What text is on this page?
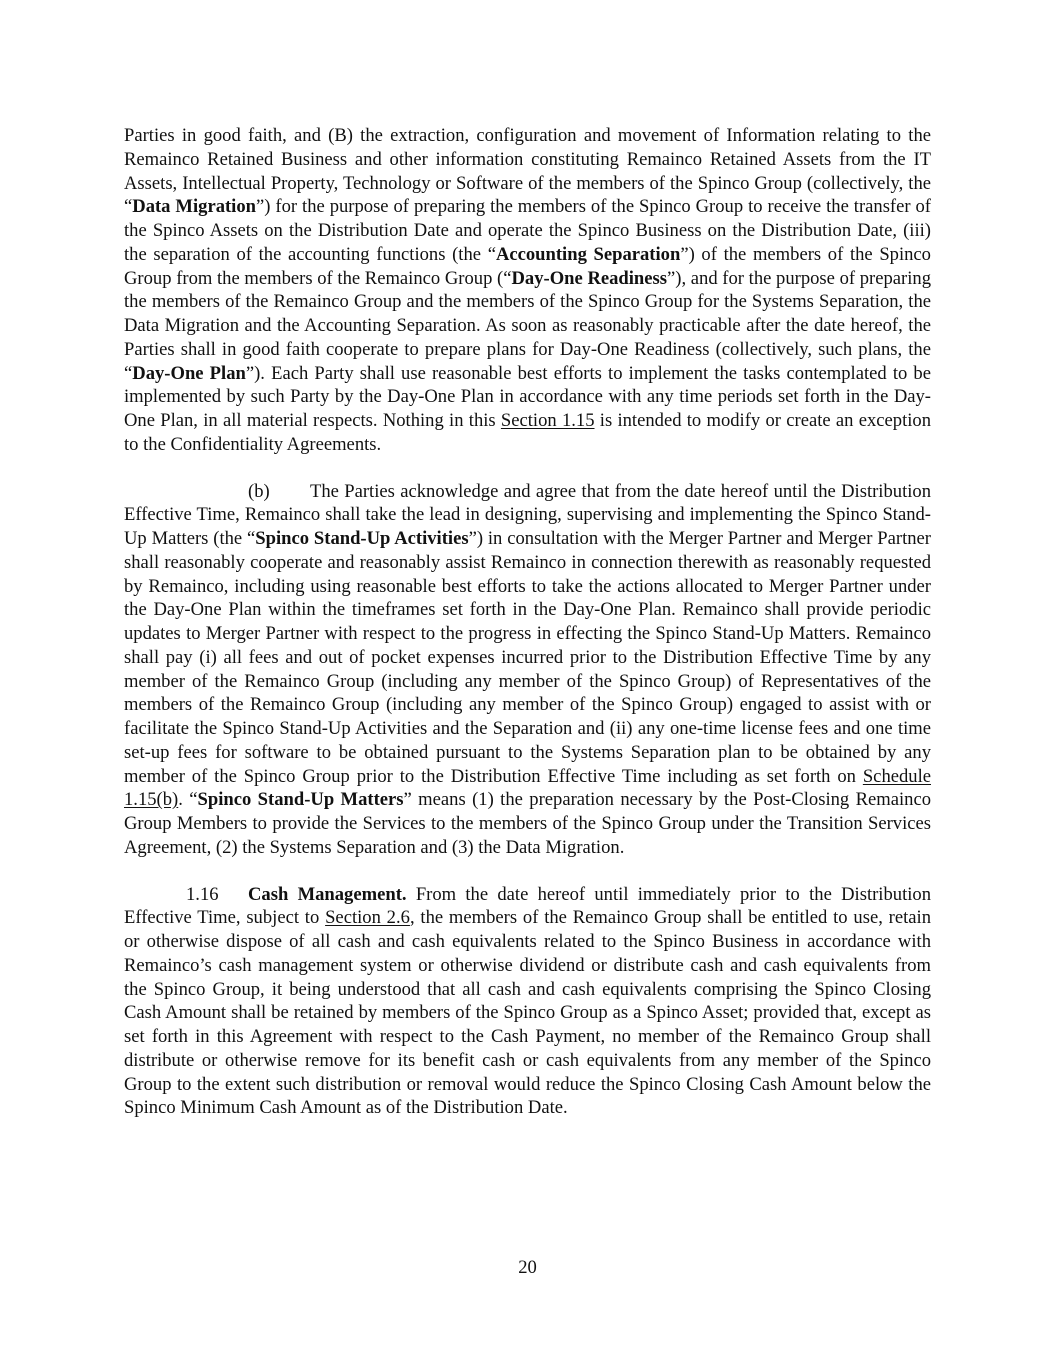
Parties in good faith, and (B) the extraction, configuration and movement of Information relating to the Remainco Retained Business and other information constituting Remainco Retained Assets from the IT Assets, Intellectual Property, Technology or Software of the members of the Spinco Group (collectively, the “Data Migration”) for the purpose of preparing the members of the Spinco Group to receive the transfer of the Spinco Assets on the Distribution Date and operate the Spinco Business on the Distribution Date, (iii) the separation of the accounting functions (the “Accounting Separation”) of the members of the Spinco Group from the members of the Remainco Group (“Day-One Readiness”), and for the purpose of preparing the members of the Remainco Group and the members of the Spinco Group for the Systems Separation, the Data Migration and the Accounting Separation. As soon as reasonably practicable after the date hereof, the Parties shall in good faith cooperate to prepare plans for Day-One Readiness (collectively, such plans, the “Day-One Plan”). Each Party shall use reasonable best efforts to implement the tasks contemplated to be implemented by such Party by the Day-One Plan in accordance with any time periods set forth in the Day-One Plan, in all material respects. Nothing in this Section 1.15 is intended to modify or create an exception to the Confidentiality Agreements.

(b) The Parties acknowledge and agree that from the date hereof until the Distribution Effective Time, Remainco shall take the lead in designing, supervising and implementing the Spinco Stand-Up Matters (the “Spinco Stand-Up Activities”) in consultation with the Merger Partner and Merger Partner shall reasonably cooperate and reasonably assist Remainco in connection therewith as reasonably requested by Remainco, including using reasonable best efforts to take the actions allocated to Merger Partner under the Day-One Plan within the timeframes set forth in the Day-One Plan. Remainco shall provide periodic updates to Merger Partner with respect to the progress in effecting the Spinco Stand-Up Matters. Remainco shall pay (i) all fees and out of pocket expenses incurred prior to the Distribution Effective Time by any member of the Remainco Group (including any member of the Spinco Group) of Representatives of the members of the Remainco Group (including any member of the Spinco Group) engaged to assist with or facilitate the Spinco Stand-Up Activities and the Separation and (ii) any one-time license fees and one time set-up fees for software to be obtained pursuant to the Systems Separation plan to be obtained by any member of the Spinco Group prior to the Distribution Effective Time including as set forth on Schedule 1.15(b). “Spinco Stand-Up Matters” means (1) the preparation necessary by the Post-Closing Remainco Group Members to provide the Services to the members of the Spinco Group under the Transition Services Agreement, (2) the Systems Separation and (3) the Data Migration.

1.16 Cash Management. From the date hereof until immediately prior to the Distribution Effective Time, subject to Section 2.6, the members of the Remainco Group shall be entitled to use, retain or otherwise dispose of all cash and cash equivalents related to the Spinco Business in accordance with Remainco’s cash management system or otherwise dividend or distribute cash and cash equivalents from the Spinco Group, it being understood that all cash and cash equivalents comprising the Spinco Closing Cash Amount shall be retained by members of the Spinco Group as a Spinco Asset; provided that, except as set forth in this Agreement with respect to the Cash Payment, no member of the Remainco Group shall distribute or otherwise remove for its benefit cash or cash equivalents from any member of the Spinco Group to the extent such distribution or removal would reduce the Spinco Closing Cash Amount below the Spinco Minimum Cash Amount as of the Distribution Date.

20
